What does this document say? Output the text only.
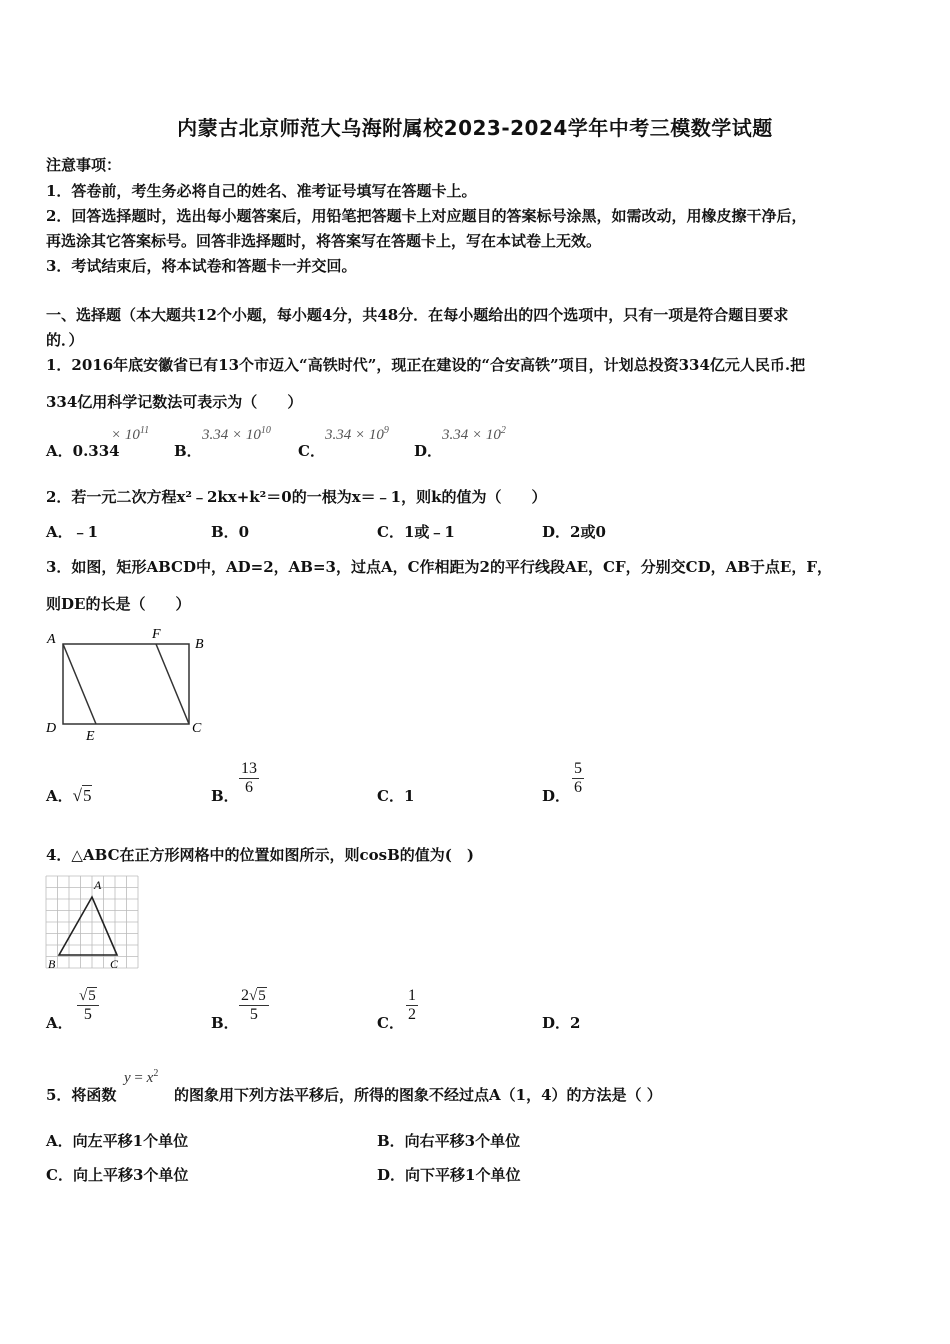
内蒙古北京师范大乌海附属校2023-2024学年中考三模数学试题
注意事项：
1．答卷前，考生务必将自己的姓名、准考证号填写在答题卡上。
2．回答选择题时，选出每小题答案后，用铅笔把答题卡上对应题目的答案标号涂黑，如需改动，用橡皮擦干净后，
再选涂其它答案标号。回答非选择题时，将答案写在答题卡上，写在本试卷上无效。
3．考试结束后，将本试卷和答题卡一并交回。
一、选择题（本大题共12个小题，每小题4分，共48分．在每小题给出的四个选项中，只有一项是符合题目要求
的．）
1．2016年底安徽省已有13个市迈入“高铁时代”，现正在建设的“合安高铁”项目，计划总投资334亿元人民币.把
334亿用科学记数法可表示为（　　）
A．0.334
× $10^{11}$
B．
$3.34 \times 10^{10}$
C．
$3.34 \times 10^9$
D．
$3.34 \times 10^2$
2．若一元二次方程x²﹣2kx+k²＝0的一根为x＝﹣1，则k的值为（　　）
A．﹣1	B．0	C．1或﹣1	D．2或0
3．如图，矩形ABCD中，AD=2，AB=3，过点A，C作相距为2的平行线段AE，CF，分别交CD，AB于点E，F，
则DE的长是（　　）
A	F
B
D	C
E
A．√5	B． $\frac{13}{6}$	C．1	D． $\frac{5}{6}$
4．△ABC在正方形网格中的位置如图所示，则cosB的值为(　)
A
B	C
A． $\frac{√5}{5}$	B． $\frac{2√5}{5}$	C． $\frac{1}{2}$	D．2
5．将函数
$y = x^2$
的图象用下列方法平移后，所得的图象不经过点A（1，4）的方法是（ ）
A．向左平移1个单位	B．向右平移3个单位
C．向上平移3个单位	D．向下平移1个单位
